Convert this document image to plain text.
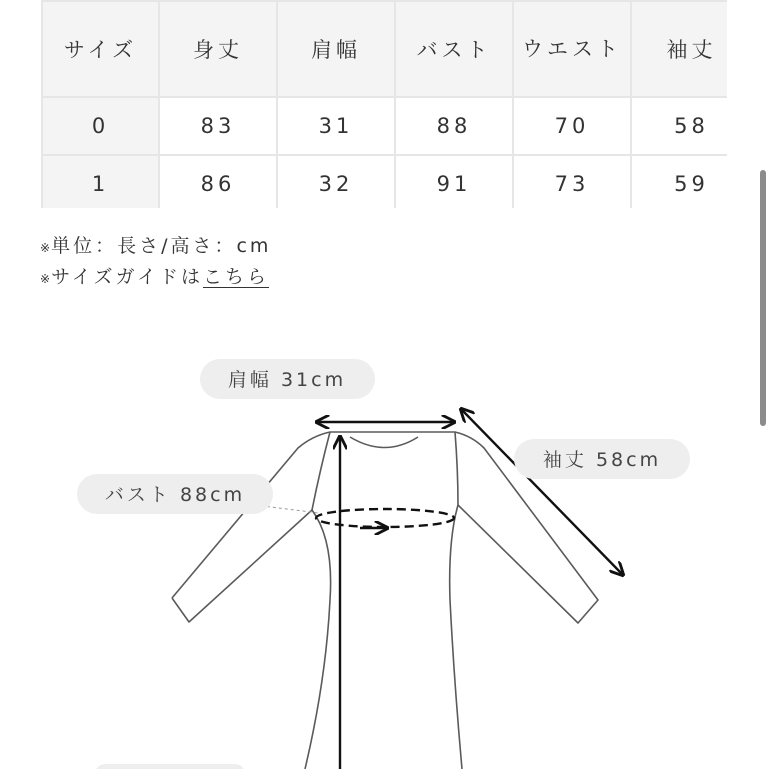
サイズ	身丈	肩幅	バスト	ウエスト	袖丈
0	83	31	88	70	58
1	86	32	91	73	59
※単位：長さ/高さ：cm
※サイズガイドはこちら
肩幅 31cm
袖丈 58cm
バスト 88cm
